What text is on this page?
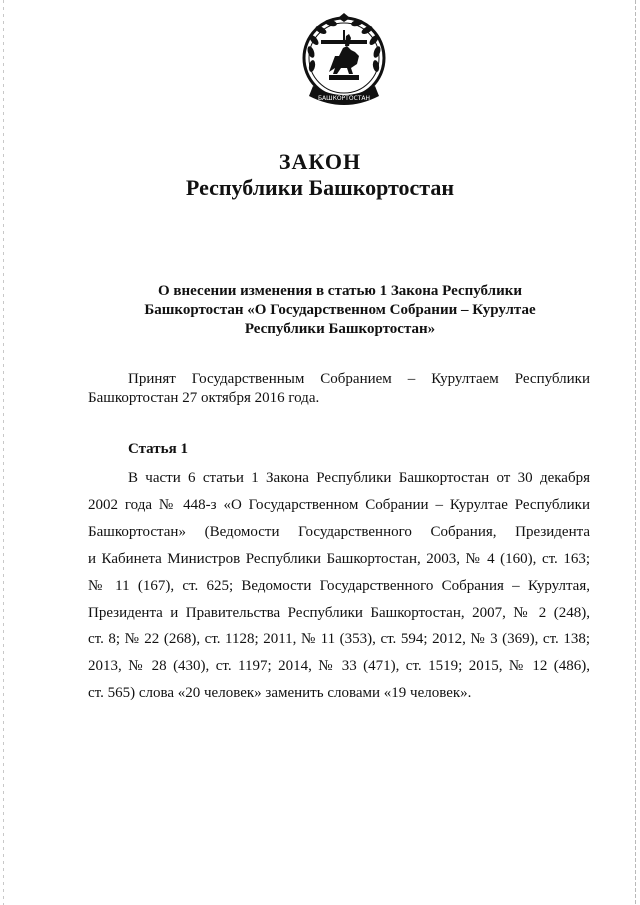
БАШКОРТОСТАН
ЗАКОН
Республики Башкортостан
О внесении изменения в статью 1 Закона Республики
Башкортостан «О Государственном Собрании – Курултае
Республики Башкортостан»
Принят Государственным Собранием – Курултаем Республики
Башкортостан 27 октября 2016 года.
Статья 1
В части 6 статьи 1 Закона Республики Башкортостан от 30 декабря
2002 года № 448-з «О Государственном Собрании – Курултае Республики
Башкортостан» (Ведомости Государственного Собрания, Президента
и Кабинета Министров Республики Башкортостан, 2003, № 4 (160), ст. 163;
№ 11 (167), ст. 625; Ведомости Государственного Собрания – Курултая,
Президента и Правительства Республики Башкортостан, 2007, № 2 (248),
ст. 8; № 22 (268), ст. 1128; 2011, № 11 (353), ст. 594; 2012, № 3 (369), ст. 138;
2013, № 28 (430), ст. 1197; 2014, № 33 (471), ст. 1519; 2015, № 12 (486),
ст. 565) слова «20 человек» заменить словами «19 человек».
